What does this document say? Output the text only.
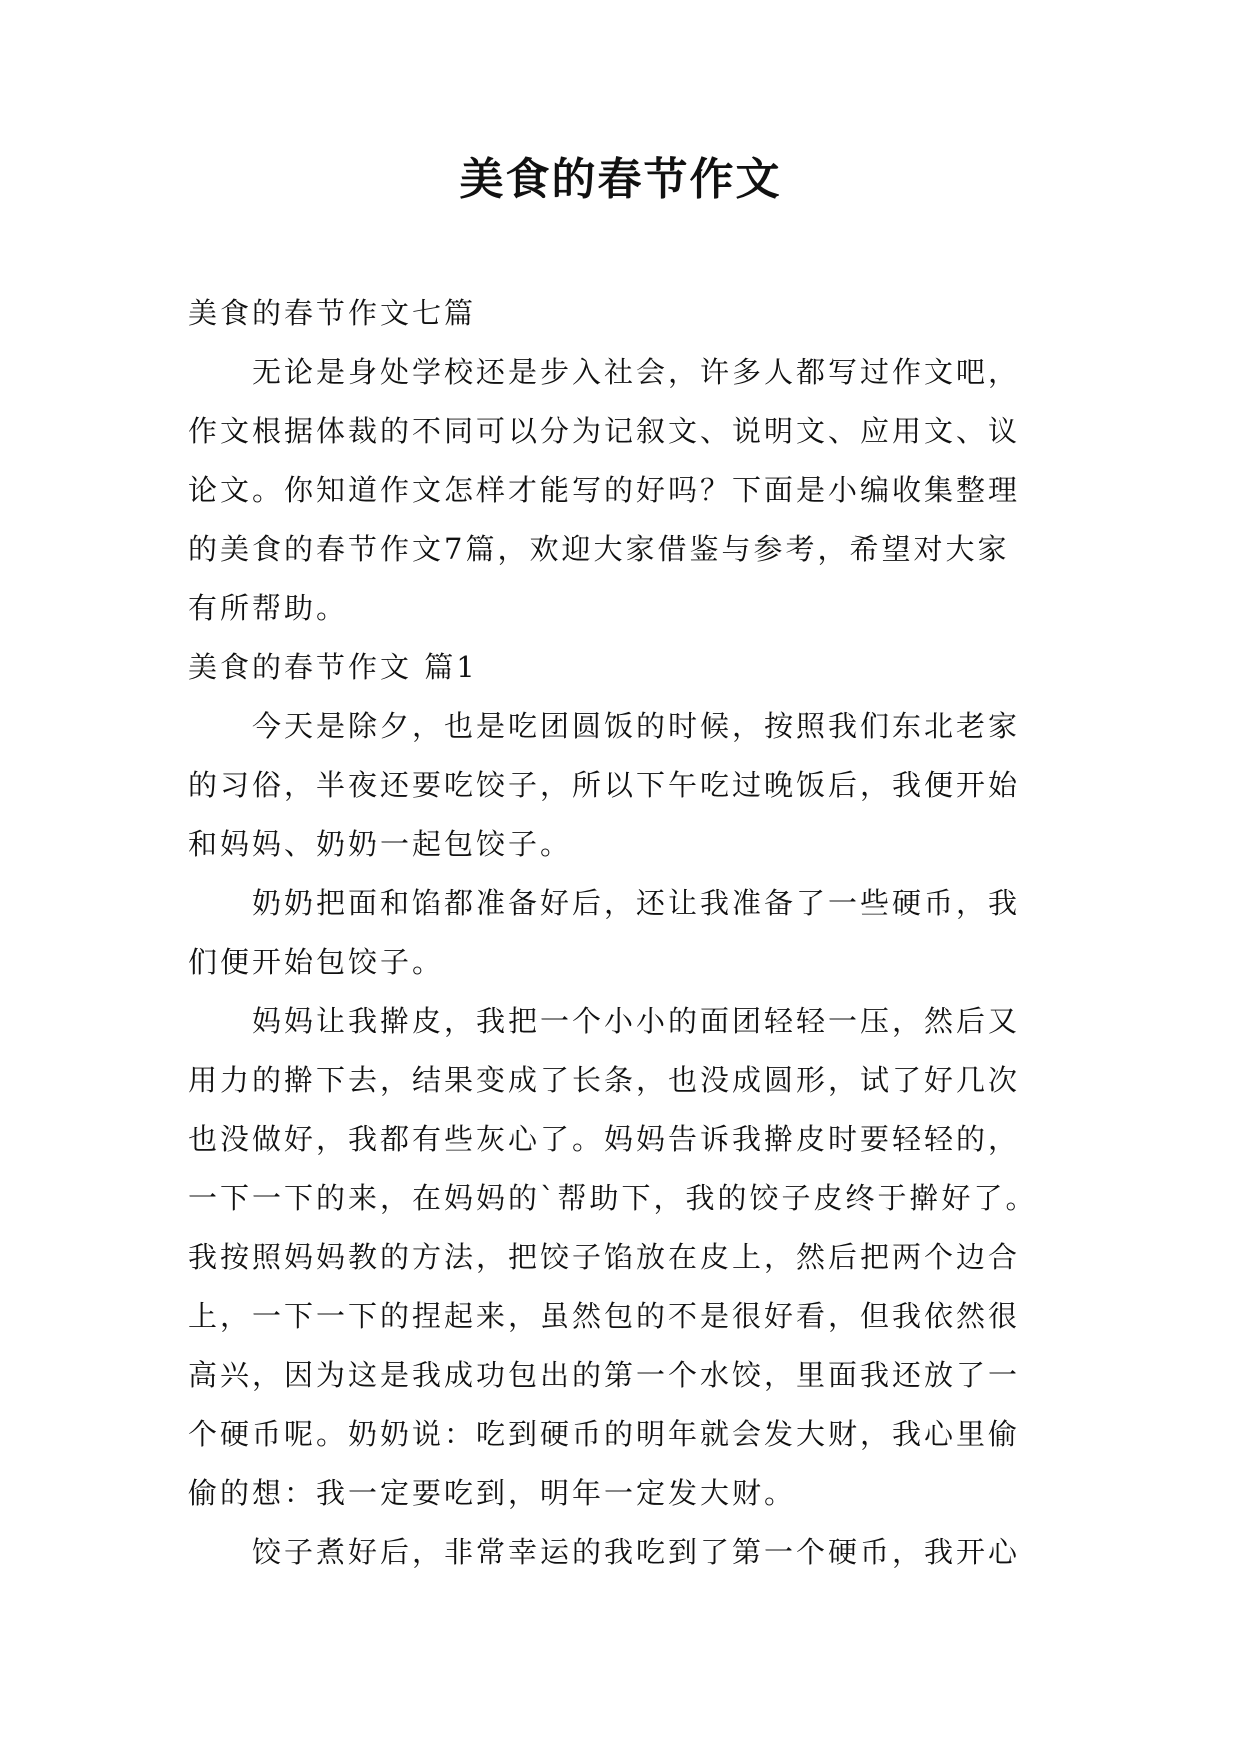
美食的春节作文
美食的春节作文七篇
无论是身处学校还是步入社会，许多人都写过作文吧，
作文根据体裁的不同可以分为记叙文、说明文、应用文、议
论文。你知道作文怎样才能写的好吗？下面是小编收集整理
的美食的春节作文7篇，欢迎大家借鉴与参考，希望对大家
有所帮助。
美食的春节作文 篇1
今天是除夕，也是吃团圆饭的时候，按照我们东北老家
的习俗，半夜还要吃饺子，所以下午吃过晚饭后，我便开始
和妈妈、奶奶一起包饺子。
奶奶把面和馅都准备好后，还让我准备了一些硬币，我
们便开始包饺子。
妈妈让我擀皮，我把一个小小的面团轻轻一压，然后又
用力的擀下去，结果变成了长条，也没成圆形，试了好几次
也没做好，我都有些灰心了。妈妈告诉我擀皮时要轻轻的，
一下一下的来，在妈妈的`帮助下，我的饺子皮终于擀好了。
我按照妈妈教的方法，把饺子馅放在皮上，然后把两个边合
上，一下一下的捏起来，虽然包的不是很好看，但我依然很
高兴，因为这是我成功包出的第一个水饺，里面我还放了一
个硬币呢。奶奶说：吃到硬币的明年就会发大财，我心里偷
偷的想：我一定要吃到，明年一定发大财。
饺子煮好后，非常幸运的我吃到了第一个硬币，我开心
